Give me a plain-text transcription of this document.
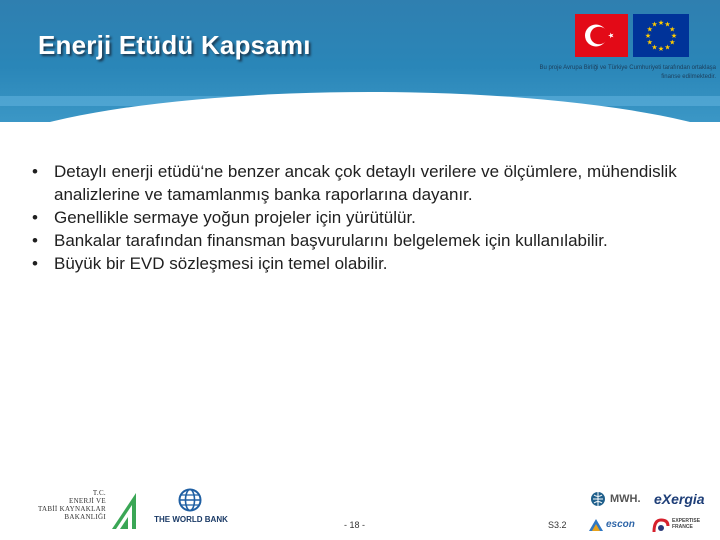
Enerji Etüdü Kapsamı
★ ★
★
★
★
★
★
★
★
★
★
★
Bu proje Avrupa Birliği ve Türkiye Cumhuriyeti tarafından ortaklaşa finanse edilmektedir.
• Detaylı enerji etüdü‘ne benzer ancak çok detaylı verilere ve ölçümlere, mühendislik analizlerine ve tamamlanmış banka raporlarına dayanır.
• Genellikle sermaye yoğun projeler için yürütülür.
• Bankalar tarafından finansman başvurularını belgelemek için kullanılabilir.
• Büyük bir EVD sözleşmesi için temel olabilir.
T.C.
ENERJİ VE
TABİİ KAYNAKLAR
BAKANLIĞI	THE WORLD BANK
- 18 -	S3.2
MWH. eXergia
escon	EXPERTISE FRANCE
